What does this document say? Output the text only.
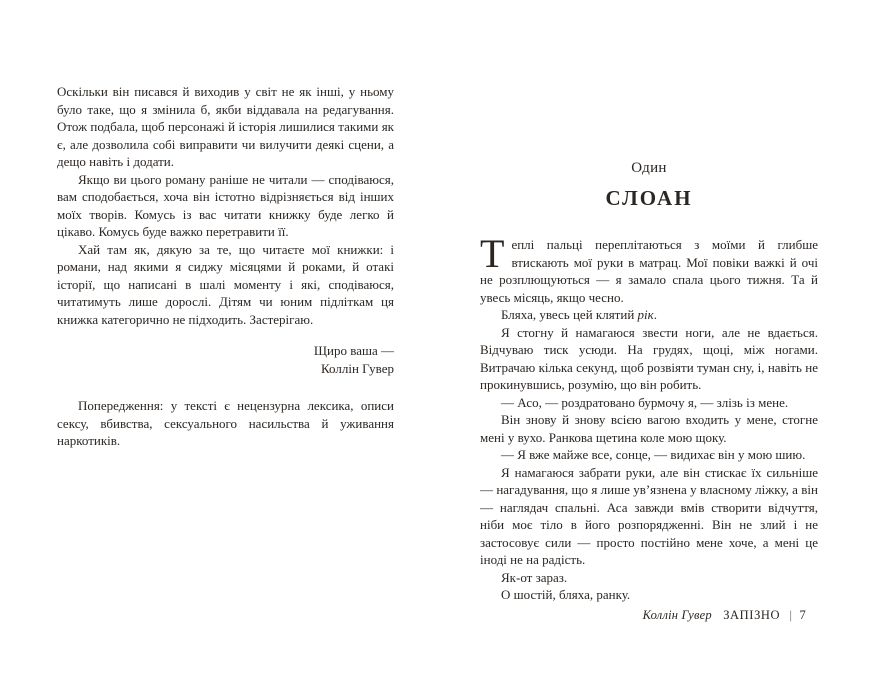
Оскільки він писався й виходив у світ не як інші, у ньому було таке, що я змінила б, якби віддавала на редагування. Отож подбала, щоб персонажі й історія лишилися такими як є, але дозволила собі виправити чи вилучити деякі сцени, а дещо навіть і додати.

Якщо ви цього роману раніше не читали — сподіваюся, вам сподобається, хоча він істотно відрізняється від інших моїх творів. Комусь із вас читати книжку буде легко й цікаво. Комусь буде важко перетравити її.

Хай там як, дякую за те, що читаєте мої книжки: і романи, над якими я сиджу місяцями й роками, й отакі історії, що написані в шалі моменту і які, сподіваюся, читатимуть лише дорослі. Дітям чи юним підліткам ця книжка категорично не підходить. Застерігаю.

Щиро ваша —
Коллін Гувер

Попередження: у тексті є нецензурна лексика, описи сексу, вбивства, сексуального насильства й уживання наркотиків.

Один
СЛОАН

Теплі пальці переплітаються з моїми й глибше втискають мої руки в матрац. Мої повіки важкі й очі не розплющуються — я замало спала цього тижня. Та й увесь місяць, якщо чесно.

Бляха, увесь цей клятий рік.

Я стогну й намагаюся звести ноги, але не вдається. Відчуваю тиск усюди. На грудях, щоці, між ногами. Витрачаю кілька секунд, щоб розвіяти туман сну, і, навіть не прокинувшись, розумію, що він робить.

— Асо, — роздратовано бурмочу я, — злізь із мене.

Він знову й знову всією вагою входить у мене, стогне мені у вухо. Ранкова щетина коле мою щоку.

— Я вже майже все, сонце, — видихає він у мою шию.

Я намагаюся забрати руки, але він стискає їх сильніше — нагадування, що я лише ув’язнена у власному ліжку, а він — наглядач спальні. Аса завжди вмів створити відчуття, ніби моє тіло в його розпорядженні. Він не злий і не застосовує сили — просто постійно мене хоче, а мені це іноді не на радість.

Як-от зараз.

О шостій, бляха, ранку.

Коллін Гувер ЗАПІЗНО | 7
